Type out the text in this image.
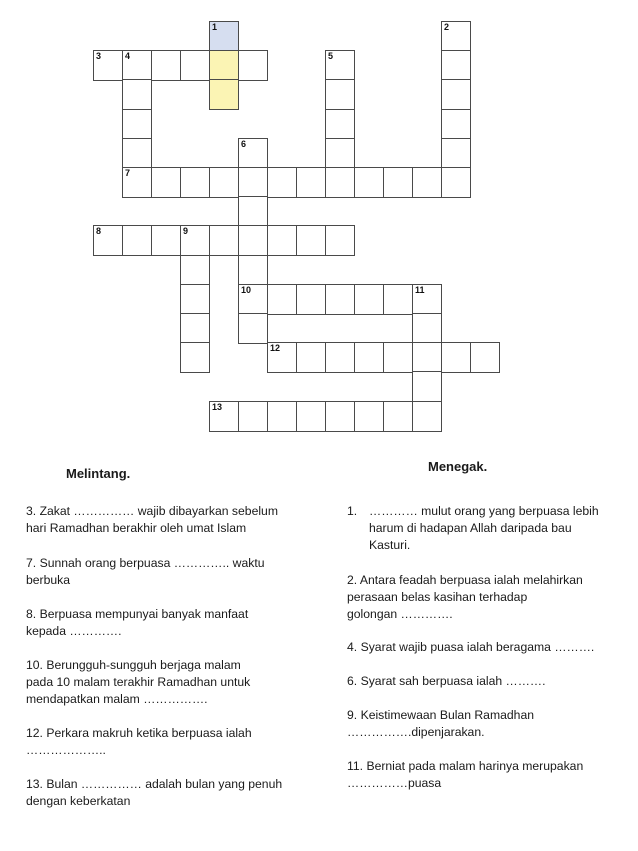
1	2
3	4	5
6
7
8	9
10	11
12
13
Melintang.	Menegak.
3. Zakat …………… wajib dibayarkan sebelum
hari Ramadhan berakhir oleh umat Islam
7. Sunnah orang berpuasa ………….. waktu
berbuka
8. Berpuasa mempunyai banyak manfaat
kepada ………….
10. Berungguh-sungguh berjaga malam
pada 10 malam terakhir Ramadhan untuk
mendapatkan malam …………….
12. Perkara makruh ketika berpuasa ialah
………………..
13. Bulan …………… adalah bulan yang penuh
dengan keberkatan
1. ………… mulut orang yang berpuasa lebih
harum di hadapan Allah daripada bau
Kasturi.
2. Antara feadah berpuasa ialah melahirkan
perasaan belas kasihan terhadap
golongan ………….
4. Syarat wajib puasa ialah beragama ……….
6. Syarat sah berpuasa ialah ……….
9. Keistimewaan Bulan Ramadhan
…………….dipenjarakan.
11. Berniat pada malam harinya merupakan
……………puasa
